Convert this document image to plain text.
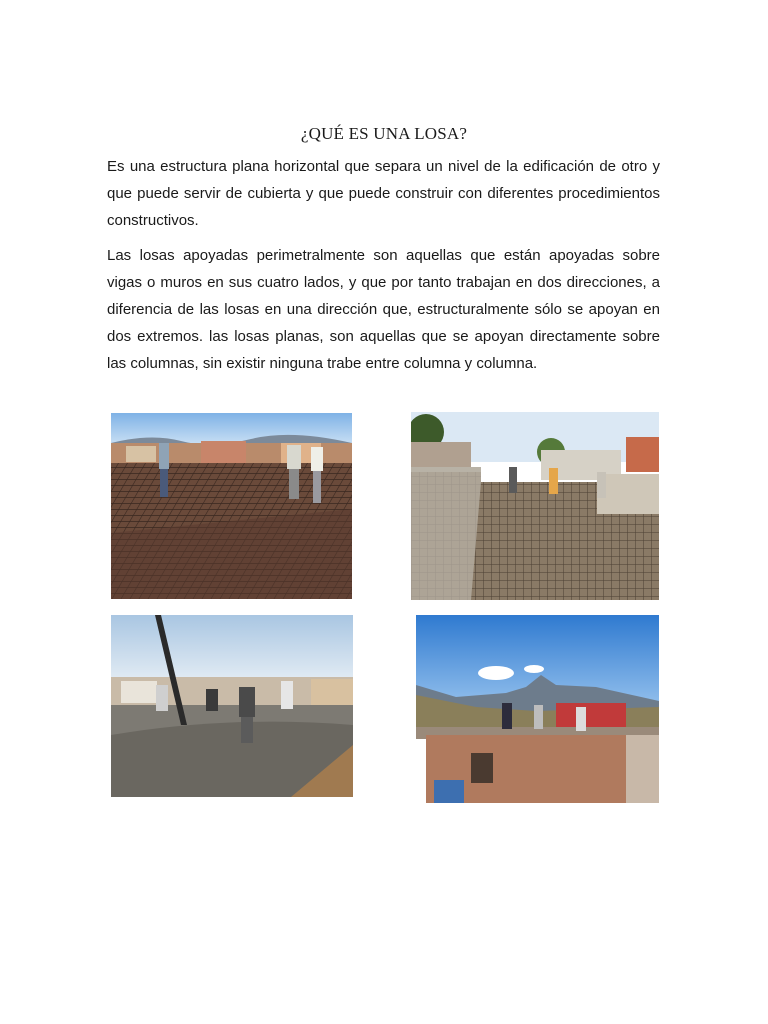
¿QUÉ ES UNA LOSA?

Es una estructura plana horizontal que separa un nivel de la edificación de otro y que puede servir de cubierta y que puede construir con diferentes procedimientos constructivos.

Las losas apoyadas perimetralmente son aquellas que están apoyadas sobre vigas o muros en sus cuatro lados, y que por tanto trabajan en dos direcciones, a diferencia de las losas en una dirección que, estructuralmente sólo se apoyan en dos extremos. las losas planas, son aquellas que se apoyan directamente sobre las columnas, sin existir ninguna trabe entre columna y columna.
